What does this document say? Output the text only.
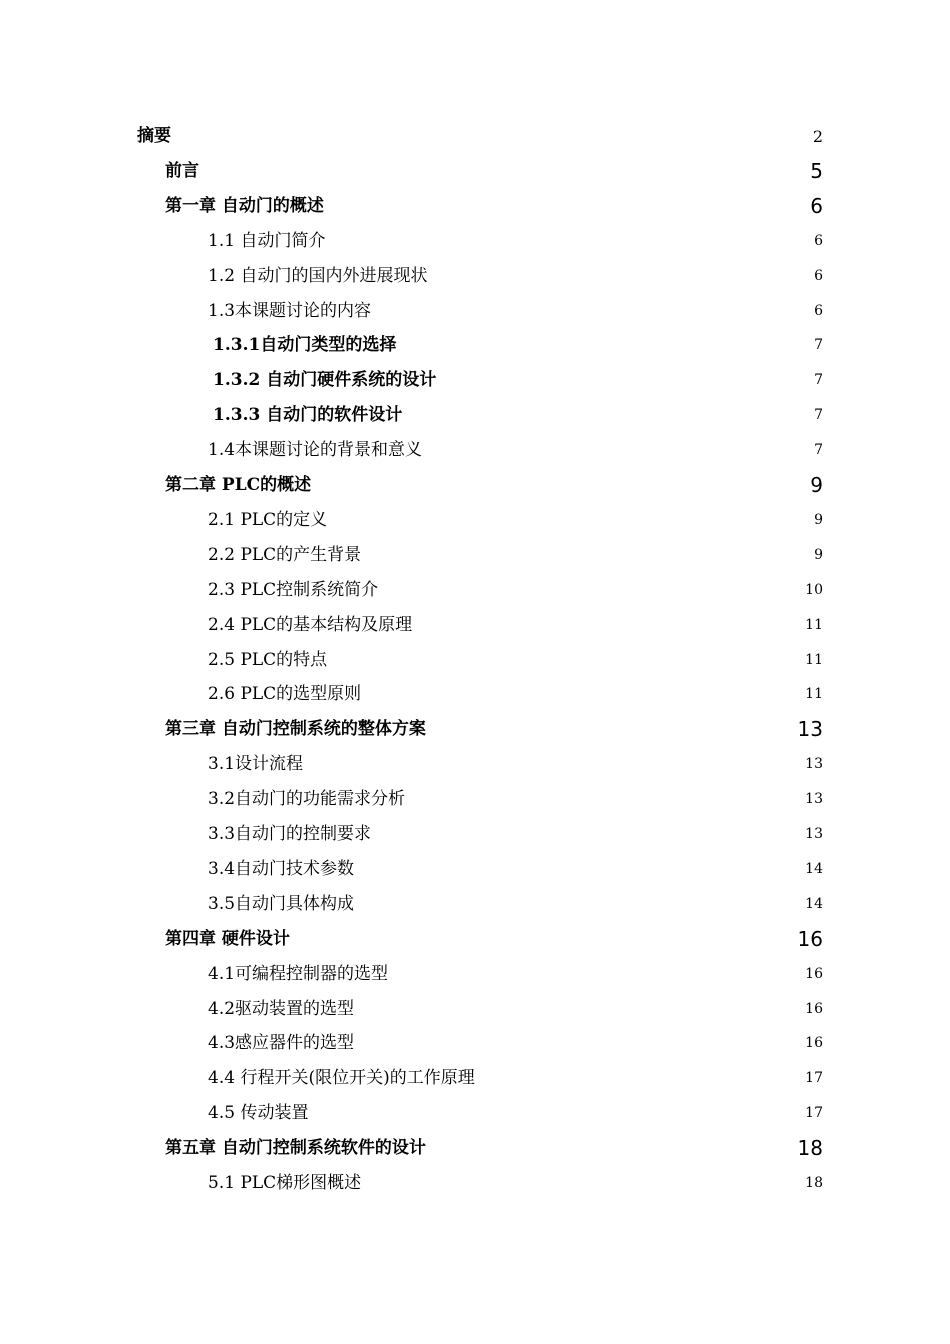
摘要	2
前言	5
第一章 自动门的概述	6
1.1 自动门简介	6
1.2 自动门的国内外进展现状	6
1.3本课题讨论的内容	6
1.3.1自动门类型的选择	7
1.3.2 自动门硬件系统的设计	7
1.3.3 自动门的软件设计	7
1.4本课题讨论的背景和意义	7
第二章 PLC的概述	9
2.1 PLC的定义	9
2.2 PLC的产生背景	9
2.3 PLC控制系统简介	10
2.4 PLC的基本结构及原理	11
2.5 PLC的特点	11
2.6 PLC的选型原则	11
第三章 自动门控制系统的整体方案	13
3.1设计流程	13
3.2自动门的功能需求分析	13
3.3自动门的控制要求	13
3.4自动门技术参数	14
3.5自动门具体构成	14
第四章 硬件设计	16
4.1可编程控制器的选型	16
4.2驱动装置的选型	16
4.3感应器件的选型	16
4.4 行程开关(限位开关)的工作原理	17
4.5 传动装置	17
第五章 自动门控制系统软件的设计	18
5.1 PLC梯形图概述	18
